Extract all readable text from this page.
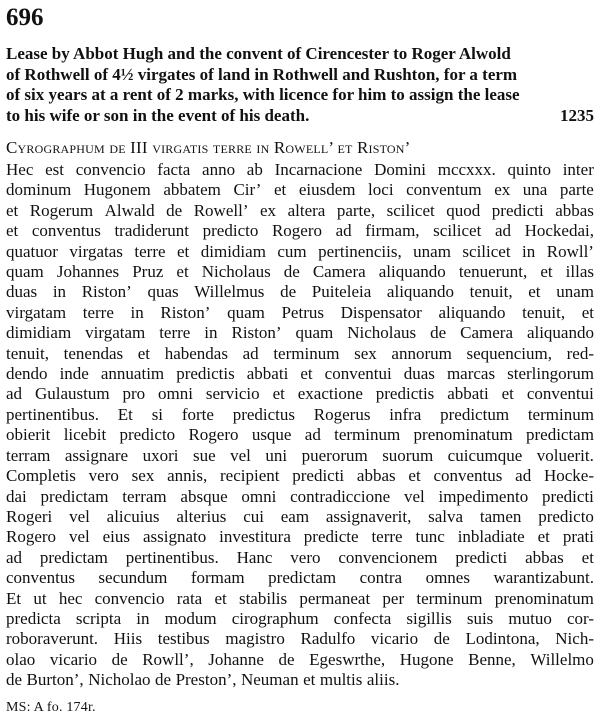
696
Lease by Abbot Hugh and the convent of Cirencester to Roger Alwold
of Rothwell of 4½ virgates of land in Rothwell and Rushton, for a term
of six years at a rent of 2 marks, with licence for him to assign the lease
to his wife or son in the event of his death.	1235
Cyrographum de III virgatis terre in Rowell’ et Riston’
Hec est convencio facta anno ab Incarnacione Domini mccxxx. quinto inter
dominum Hugonem abbatem Cir’ et eiusdem loci conventum ex una parte
et Rogerum Alwald de Rowell’ ex altera parte, scilicet quod predicti abbas
et conventus tradiderunt predicto Rogero ad firmam, scilicet ad Hockedai,
quatuor virgatas terre et dimidiam cum pertinenciis, unam scilicet in Rowll’
quam Johannes Pruz et Nicholaus de Camera aliquando tenuerunt, et illas
duas in Riston’ quas Willelmus de Puiteleia aliquando tenuit, et unam
virgatam terre in Riston’ quam Petrus Dispensator aliquando tenuit, et
dimidiam virgatam terre in Riston’ quam Nicholaus de Camera aliquando
tenuit, tenendas et habendas ad terminum sex annorum sequencium, red-
dendo inde annuatim predictis abbati et conventui duas marcas sterlingorum
ad Gulaustum pro omni servicio et exactione predictis abbati et conventui
pertinentibus. Et si forte predictus Rogerus infra predictum terminum
obierit licebit predicto Rogero usque ad terminum prenominatum predictam
terram assignare uxori sue vel uni puerorum suorum cuicumque voluerit.
Completis vero sex annis, recipient predicti abbas et conventus ad Hocke-
dai predictam terram absque omni contradiccione vel impedimento predicti
Rogeri vel alicuius alterius cui eam assignaverit, salva tamen predicto
Rogero vel eius assignato investitura predicte terre tunc inbladiate et prati
ad predictam pertinentibus. Hanc vero convencionem predicti abbas et
conventus secundum formam predictam contra omnes warantizabunt.
Et ut hec convencio rata et stabilis permaneat per terminum prenominatum
predicta scripta in modum cirographum confecta sigillis suis mutuo cor-
roboraverunt. Hiis testibus magistro Radulfo vicario de Lodintona, Nich-
olao vicario de Rowll’, Johanne de Egeswrthe, Hugone Benne, Willelmo
de Burton’, Nicholao de Preston’, Neuman et multis aliis.
MS: A fo. 174r.
